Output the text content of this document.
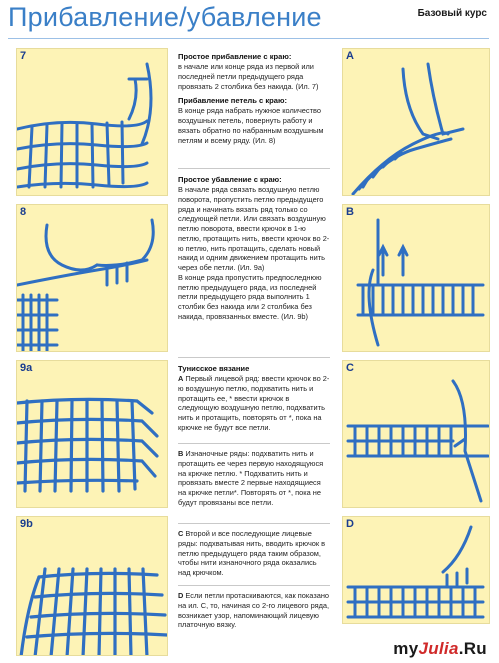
Прибавление/убавление	Базовый курс
7
8
9a
9b
Простое прибавление с краю:

в начале или конце ряда из первой или последней петли предыдущего ряда провязать 2 столбика без накида. (Ил. 7)

Прибавление петель с краю:

В конце ряда набрать нужное количество воздушных петель, повернуть работу и вязать обратно по набранным воздушным петлям и всему ряду. (Ил. 8)

Простое убавление с краю:

В начале ряда связать воздушную петлю поворота, пропустить петлю предыдущего ряда и начинать вязать ряд только со следующей петли. Или связать воздушную петлю поворота, ввести крючок в 1-ю петлю, протащить нить, ввести крючок во 2-ю петлю, нить протащить, сделать новый накид и одним движением протащить нить через обе петли. (Ил. 9a)

В конце ряда пропустить предпоследнюю петлю предыдущего ряда, из последней петли предыдущего ряда выполнить 1 столбик без накида или 2 столбика без накида, провязанных вместе. (Ил. 9b)

Тунисское вязание

A Первый лицевой ряд: ввести крючок во 2-ю воздушную петлю, подхватить нить и протащить ее, * ввести крючок в следующую воздушную петлю, подхватить нить и протащить, повторять от *, пока на крючке не будут все петли.

B Изнаночные ряды: подхватить нить и протащить ее через первую находящуюся на крючке петлю. * Подхватить нить и провязать вместе 2 первые находящиеся на крючке петли*. Повторять от *, пока не будут провязаны все петли.

C Второй и все последующие лицевые ряды: подхватывая нить, вводить крючок в петлю предыдущего ряда таким образом, чтобы нити изнаночного ряда оказались над крючком.

D Если петли протаскиваются, как показано на ил. C, то, начиная со 2-го лицевого ряда, возникает узор, напоминающий лицевую платочную вязку.

A
B
C
D
myJulia.Ru
